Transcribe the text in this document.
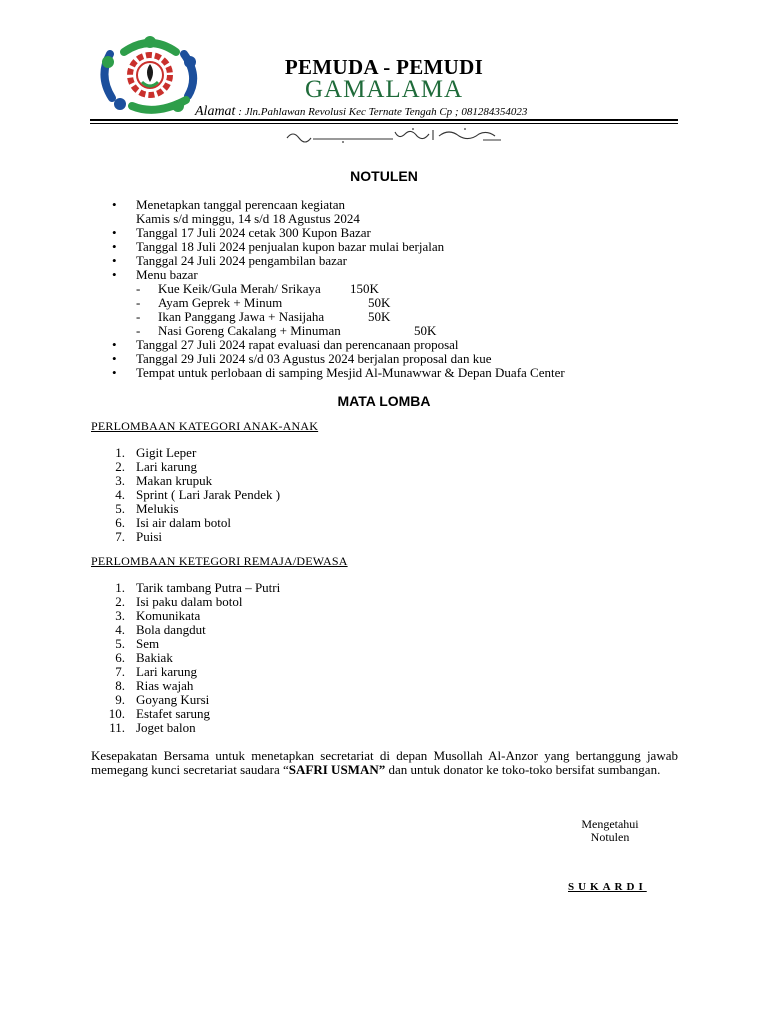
PEMUDA - PEMUDI
GAMALAMA
Alamat : Jln.Pahlawan Revolusi Kec Ternate Tengah Cp ; 081284354023
NOTULEN
• Menetapkan tanggal perencaan kegiatan
Kamis s/d minggu, 14 s/d 18 Agustus 2024
• Tanggal 17 Juli 2024 cetak 300 Kupon Bazar
• Tanggal 18 Juli 2024 penjualan kupon bazar mulai berjalan
• Tanggal 24 Juli 2024 pengambilan bazar
• Menu bazar
- Kue Keik/Gula Merah/ Srikaya 150K
- Ayam Geprek + Minum	50K
- Ikan Panggang Jawa + Nasijaha	50K
- Nasi Goreng Cakalang + Minuman	50K
• Tanggal 27 Juli 2024 rapat evaluasi dan perencanaan proposal
• Tanggal 29 Juli 2024 s/d 03 Agustus 2024 berjalan proposal dan kue
• Tempat untuk perlobaan di samping Mesjid Al-Munawwar & Depan Duafa Center
MATA LOMBA
PERLOMBAAN KATEGORI ANAK-ANAK
1. Gigit Leper
2. Lari karung
3. Makan krupuk
4. Sprint ( Lari Jarak Pendek )
5. Melukis
6. Isi air dalam botol
7. Puisi
PERLOMBAAN KETEGORI REMAJA/DEWASA
1. Tarik tambang Putra – Putri
2. Isi paku dalam botol
3. Komunikata
4. Bola dangdut
5. Sem
6. Bakiak
7. Lari karung
8. Rias wajah
9. Goyang Kursi
10. Estafet sarung
11. Joget balon
Kesepakatan Bersama untuk menetapkan secretariat di depan Musollah Al-Anzor yang bertanggung jawab memegang kunci secretariat saudara “SAFRI USMAN” dan untuk donator ke toko-toko bersifat sumbangan.
Mengetahui
Notulen
SUKARDI
